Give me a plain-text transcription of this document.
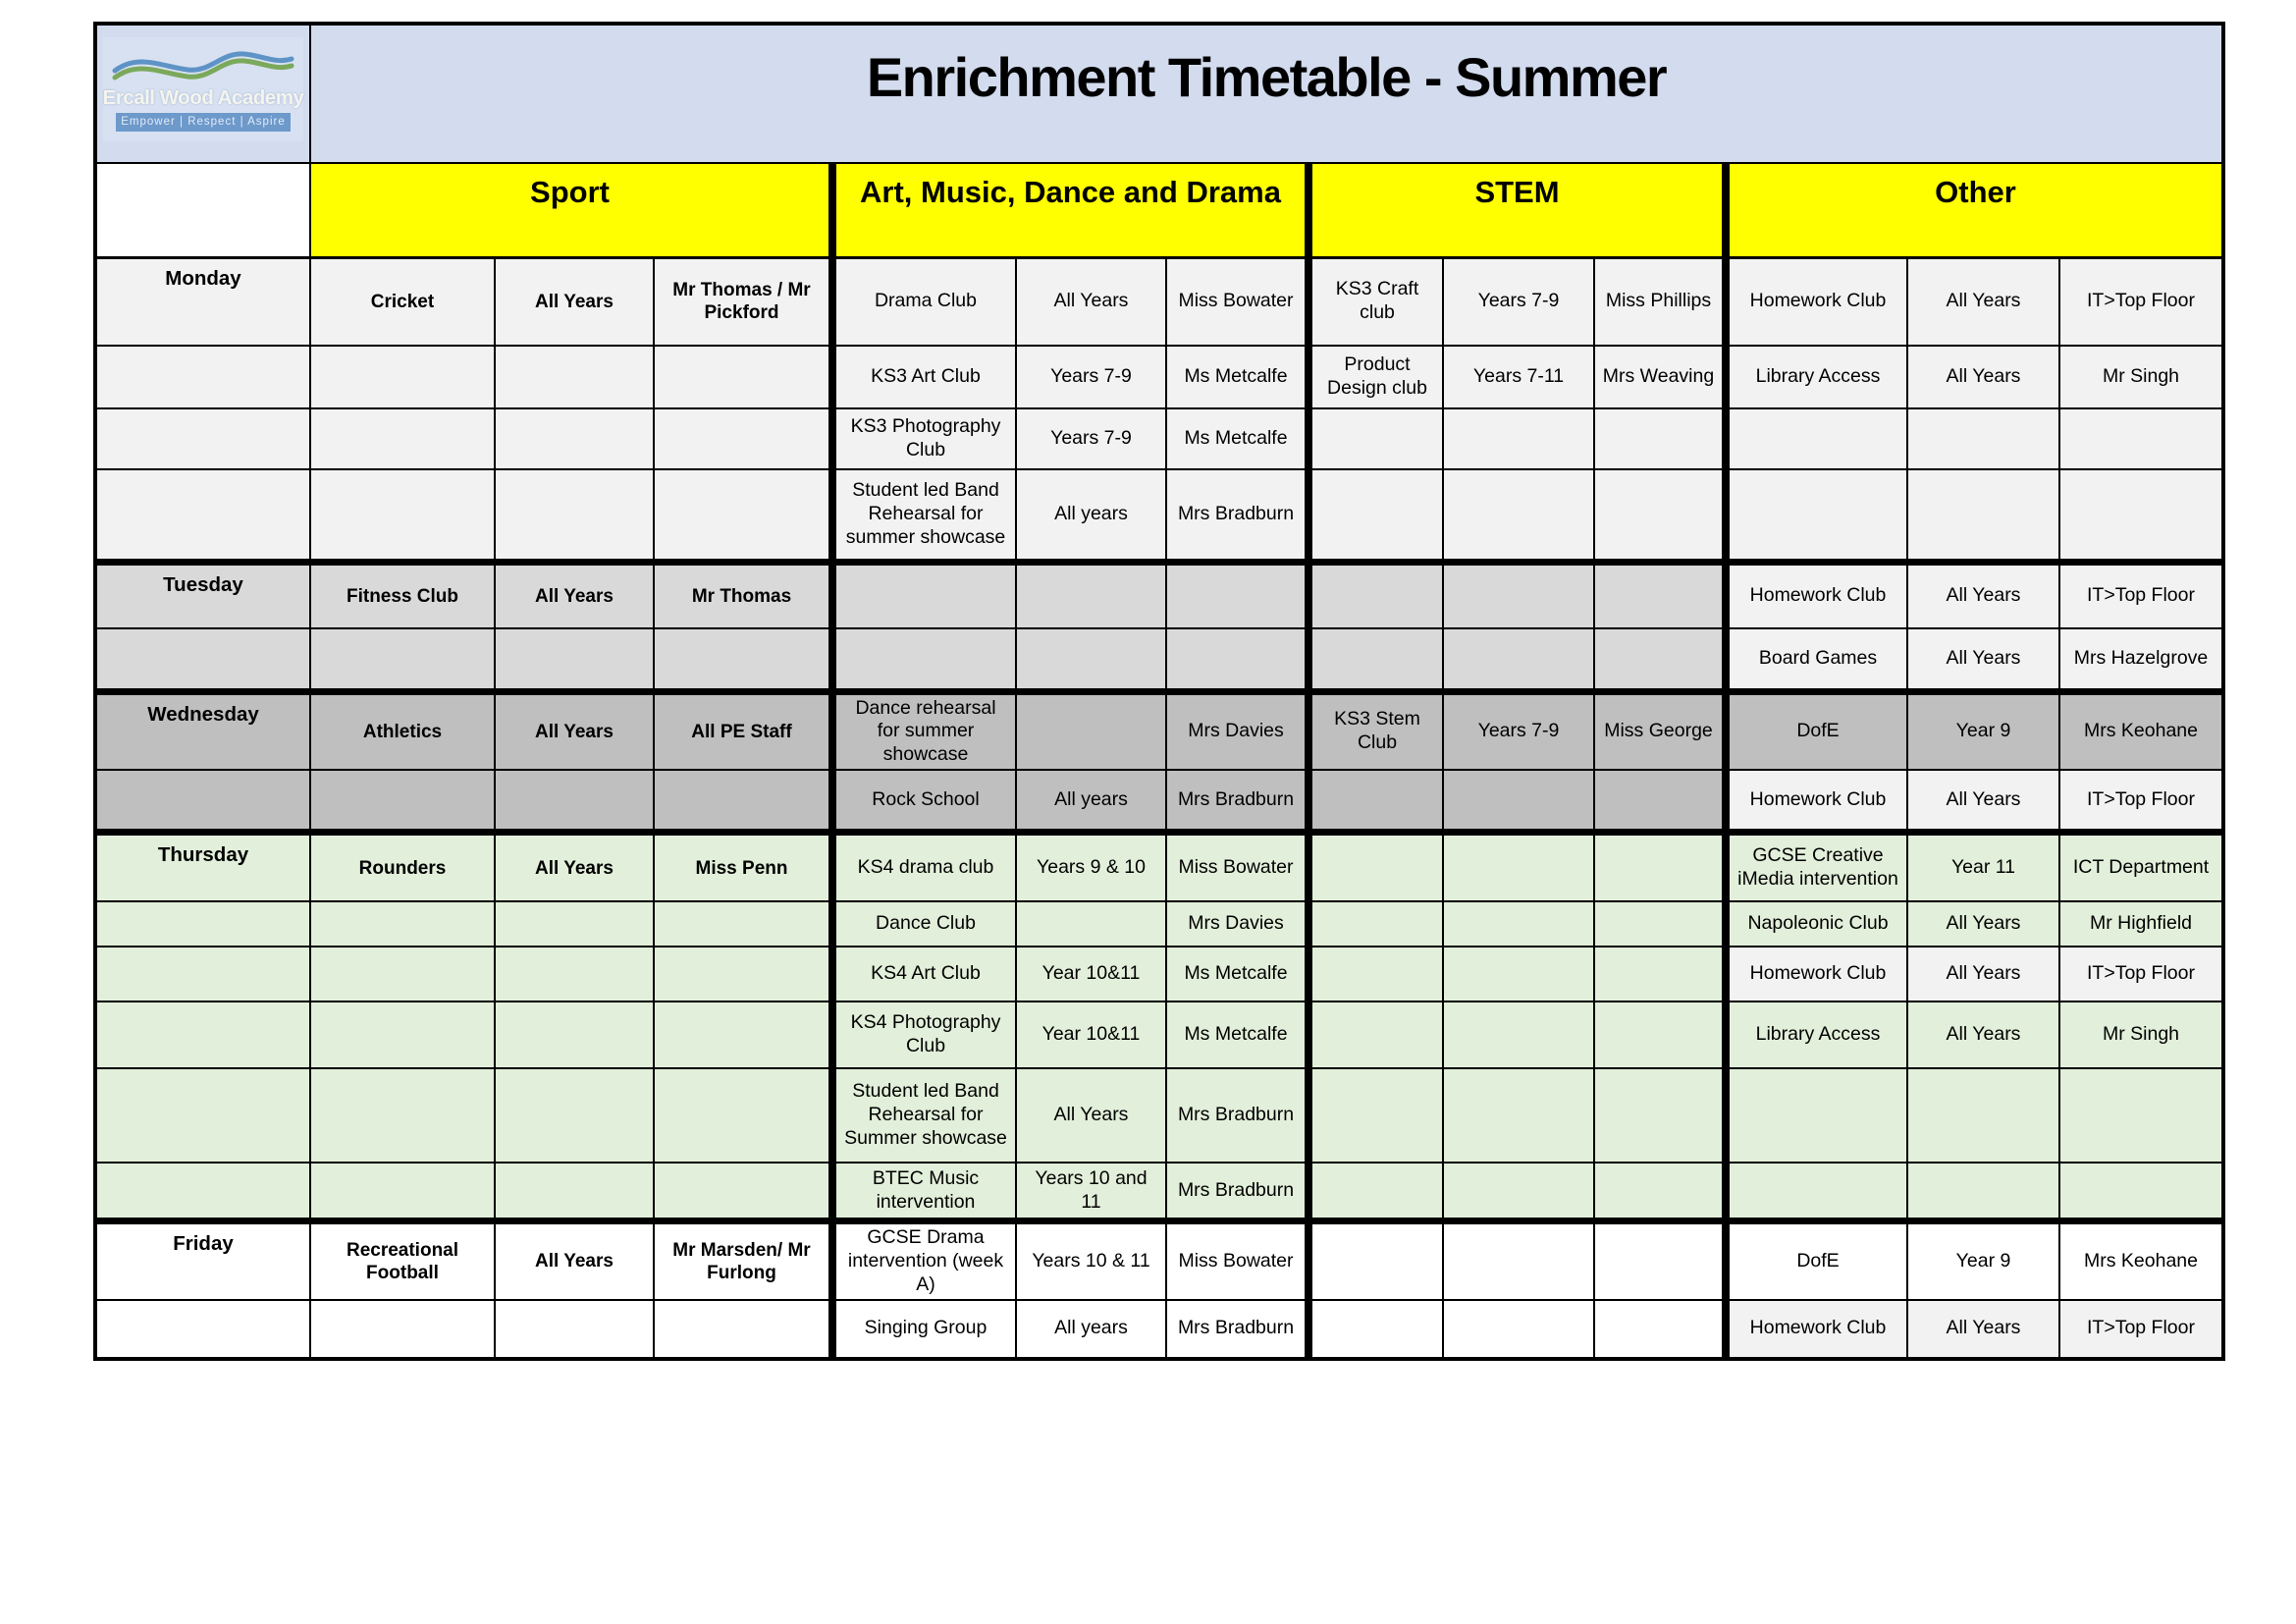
Ercall Wood Academy
Empower | Respect | Aspire	Enrichment Timetable - Summer											
	Sport			Art, Music, Dance and Drama			STEM			Other		
Monday	Cricket	All Years	Mr Thomas / Mr Pickford	Drama Club	All Years	Miss Bowater	KS3 Craft club	Years 7-9	Miss Phillips	Homework Club	All Years	IT>Top Floor
				KS3 Art Club	Years 7-9	Ms Metcalfe	Product Design club	Years 7-11	Mrs Weaving	Library Access	All Years	Mr Singh
				KS3 Photography Club	Years 7-9	Ms Metcalfe						
				Student led Band Rehearsal for summer showcase	All years	Mrs Bradburn						
Tuesday	Fitness Club	All Years	Mr Thomas							Homework Club	All Years	IT>Top Floor
										Board Games	All Years	Mrs Hazelgrove
Wednesday	Athletics	All Years	All PE Staff	Dance rehearsal for summer showcase		Mrs Davies	KS3 Stem Club	Years 7-9	Miss George	DofE	Year 9	Mrs Keohane
				Rock School	All years	Mrs Bradburn				Homework Club	All Years	IT>Top Floor
Thursday	Rounders	All Years	Miss Penn	KS4 drama club	Years 9 & 10	Miss Bowater				GCSE Creative iMedia intervention	Year 11	ICT Department
				Dance Club		Mrs Davies				Napoleonic Club	All Years	Mr Highfield
				KS4 Art Club	Year 10&11	Ms Metcalfe				Homework Club	All Years	IT>Top Floor
				KS4 Photography Club	Year 10&11	Ms Metcalfe				Library Access	All Years	Mr Singh
				Student led Band Rehearsal for Summer showcase	All Years	Mrs Bradburn						
				BTEC Music intervention	Years 10 and 11	Mrs Bradburn						
Friday	Recreational Football	All Years	Mr Marsden/ Mr Furlong	GCSE Drama intervention (week A)	Years 10 & 11	Miss Bowater				DofE	Year 9	Mrs Keohane
				Singing Group	All years	Mrs Bradburn				Homework Club	All Years	IT>Top Floor
